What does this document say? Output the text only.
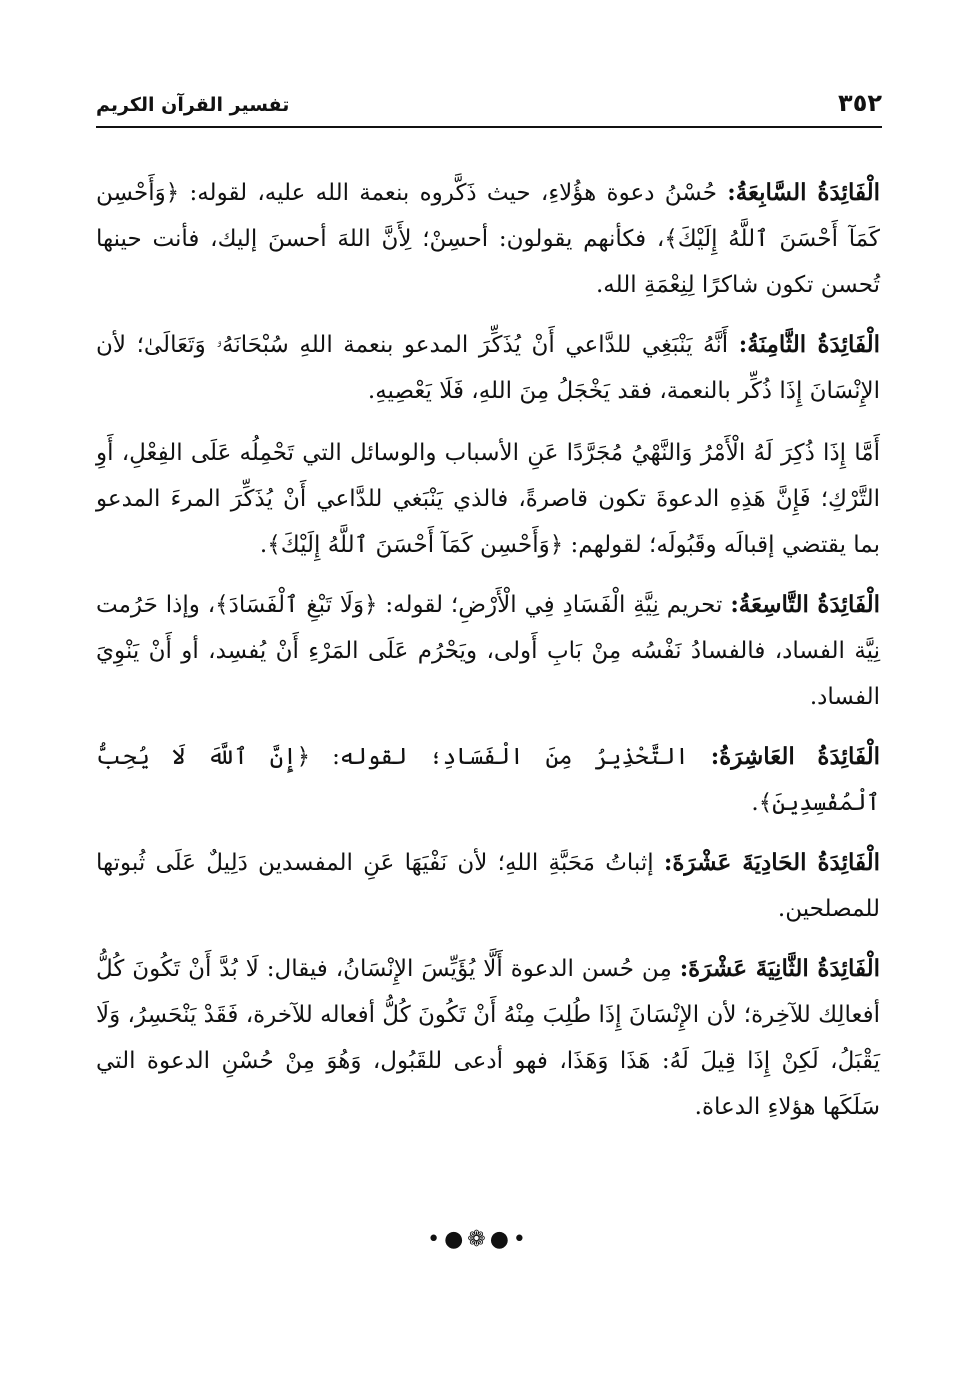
٣٥٢
تفسير القرآن الكريم

الْفَائِدَةُ السَّابِعَةُ: حُسْنُ دعوة هؤُلاءِ، حيث ذَكَّروه بنعمة الله عليه، لقوله: ﴿وَأَحْسِن كَمَآ أَحْسَنَ ٱللَّهُ إِلَيْكَ﴾، فكأنهم يقولون: أحسِنْ؛ لِأَنَّ اللهَ أحسنَ إليك، فأنت حينها تُحسن تكون شاكرًا لِنِعْمَةِ الله.

الْفَائِدَةُ الثَّامِنَةُ: أَنَّهُ يَنْبَغِي للدَّاعي أَنْ يُذَكِّرَ المدعو بنعمة اللهِ سُبْحَانَهُۥ وَتَعَالَىٰ؛ لأن الإِنْسَانَ إِذَا ذُكِّر بالنعمة، فقد يَخْجَلُ مِنَ اللهِ، فَلَا يَعْصِيهِ.

أَمَّا إِذَا ذُكِرَ لَهُ الْأَمْرُ وَالنَّهْيُ مُجَرَّدًا عَنِ الأسباب والوسائل التي تَحْمِلُه عَلَى الفِعْلِ، أَوِ التَّرْكِ؛ فَإِنَّ هَذِهِ الدعوةَ تكون قاصرةً، فالذي يَنْبَغي للدَّاعي أَنْ يُذَكِّرَ المرءَ المدعو بما يقتضي إقبالَه وقَبُولَه؛ لقولهم: ﴿وَأَحْسِن كَمَآ أَحْسَنَ ٱللَّهُ إِلَيْكَ﴾.

الْفَائِدَةُ التَّاسِعَةُ: تحريم نِيَّةِ الْفَسَادِ فِي الْأَرْضِ؛ لقوله: ﴿وَلَا تَبْغِ ٱلْفَسَادَ﴾، وإذا حَرُمت نِيَّة الفساد، فالفسادُ نَفْسُه مِنْ بَابِ أَولى، ويَحْرُم عَلَى المَرْءِ أَنْ يُفسِد، أو أَنْ يَنْوِيَ الفساد.

الْفَائِدَةُ العَاشِرَةُ: التَّحْذِيرُ مِنَ الْفَسَادِ؛ لقوله: ﴿إِنَّ ٱللَّهَ لَا يُحِبُّ ٱلْمُفْسِدِينَ﴾.

الْفَائِدَةُ الحَادِيَةَ عَشْرَةَ: إثباتُ مَحَبَّةِ اللهِ؛ لأن نَفْيَهَا عَنِ المفسدين دَلِيلٌ عَلَى ثُبوتها للمصلحين.

الْفَائِدَةُ الثَّانِيَةَ عَشْرَةَ: مِن حُسن الدعوة أَلَّا يُؤَيِّسَ الإِنْسَانُ، فيقال: لَا بُدَّ أَنْ تَكُونَ كُلُّ أفعالِك للآخِرة؛ لأن الإِنْسَانَ إِذَا طُلِبَ مِنْهُ أَنْ تَكُونَ كُلُّ أفعاله للآخرة، فَقَدْ يَنْحَسِرُ، وَلَا يَقْبَلُ، لَكِنْ إِذَا قِيلَ لَهُ: هَذَا وَهَذَا، فهو أدعى للقَبُول، وَهُوَ مِنْ حُسْنِ الدعوة التي سَلَكَها هؤلاءِ الدعاة.

•●❁●•
